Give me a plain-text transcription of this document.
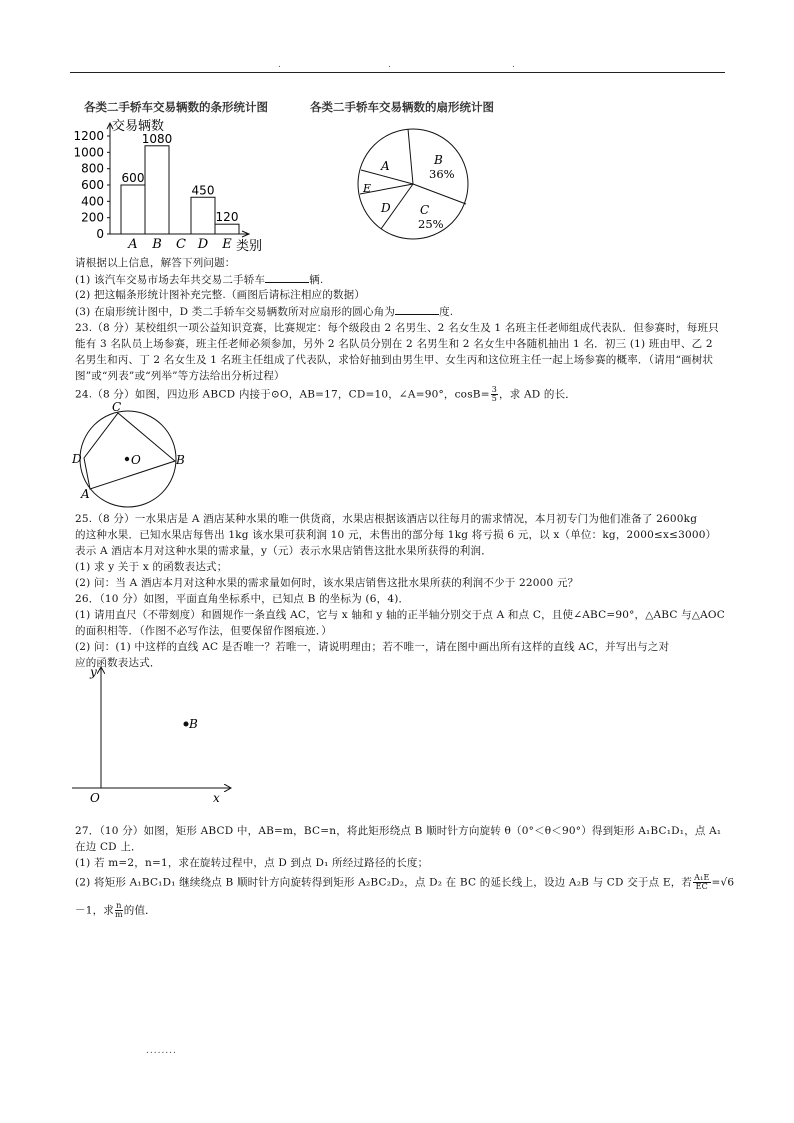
.	.	.
各类二手轿车交易辆数的条形统计图	各类二手轿车交易辆数的扇形统计图
1200
1000
800
600
400
200
0
交易辆数
类别
600
A
1080
B C
450
D
120
E
A	B
36%
C
25%
D
E
请根据以上信息，解答下列问题：
(1) 该汽车交易市场去年共交易二手轿车	辆.
(2) 把这幅条形统计图补充完整.（画图后请标注相应的数据）
(3) 在扇形统计图中，D 类二手轿车交易辆数所对应扇形的圆心角为	度.
23.（8 分）某校组织一项公益知识竞赛，比赛规定：每个级段由 2 名男生、2 名女生及 1 名班主任老师组成代表队．但参赛时，每班只能有 3 名队员上场参赛，班主任老师必须参加，另外 2 名队员分别在 2 名男生和 2 名女生中各随机抽出 1 名．初三 (1) 班由甲、乙 2 名男生和丙、丁 2 名女生及 1 名班主任组成了代表队，求恰好抽到由男生甲、女生丙和这位班主任一起上场参赛的概率．（请用“画树状图”或“列表”或“列举”等方法给出分析过程）
24.（8 分）如图，四边形 ABCD 内接于⊙O，AB=17，CD=10，∠A=90°，$\cos B= \frac{3}{5}$ ，求 AD 的长．
C
B
D
A
O
25.（8 分）一水果店是 A 酒店某种水果的唯一供货商，水果店根据该酒店以往每月的需求情况，本月初专门为他们准备了 2600kg
的这种水果．已知水果店每售出 1kg 该水果可获利润 10 元，未售出的部分每 1kg 将亏损 6 元，以 x（单位：kg，2000≤x≤3000）
表示 A 酒店本月对这种水果的需求量，y（元）表示水果店销售这批水果所获得的利润．
(1) 求 y 关于 x 的函数表达式；
(2) 问：当 A 酒店本月对这种水果的需求量如何时，该水果店销售这批水果所获的利润不少于 22000 元？
26．（10 分）如图，平面直角坐标系中，已知点 B 的坐标为 (6，4)．
(1) 请用直尺（不带刻度）和圆规作一条直线 AC，它与 x 轴和 y 轴的正半轴分别交于点 A 和点 C，且使∠ABC=90°，△ABC 与△AOC
的面积相等．（作图不必写作法，但要保留作图痕迹．）
(2) 问：(1) 中这样的直线 AC 是否唯一？若唯一，请说明理由；若不唯一，请在图中画出所有这样的直线 AC，并写出与之对
应的函数表达式．
y
x
O
B
27．（10 分）如图，矩形 ABCD 中，AB=m，BC=n，将此矩形绕点 B 顺时针方向旋转 θ（0°＜θ＜90°）得到矩形 A₁BC₁D₁，点 A₁
在边 CD 上．
(1) 若 m=2，n=1，求在旋转过程中，点 D 到点 D₁ 所经过路径的长度；
(2) 将矩形 A₁BC₁D₁ 继续绕点 B 顺时针方向旋转得到矩形 A₂BC₂D₂，点 D₂ 在 BC 的延长线上，设边 A₂B 与 CD 交于点 E，若 $\frac{\text{A₁E}}{EC} =√6$
－1，求 $\frac{n}{m}$ 的值．
........
